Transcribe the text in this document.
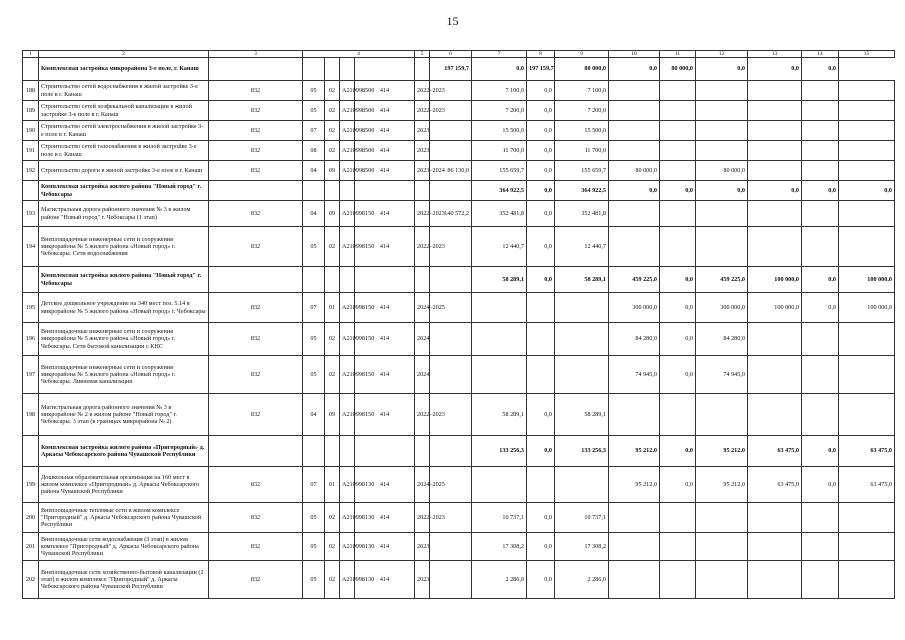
15
1	2	3	4				5	6	7	8	9	10	11	12	13	14	15
	Комплексная застройка микрорайона 3-е поле, г. Канаш							197 159,7	0,0	197 159,7	80 000,0	0,0	80 000,0	0,0	0,0	0,0	
188	Строительство сетей водоснабжения в жилой застройке 3-е поле в г. Канаш	832	05	02	А210998500	414	2022–2023		7 100,0	0,0	7 100,0						
189	Строительство сетей хозфекальной канализации в жилой застройке 3-е поле в г. Канаш	832	05	02	А210998500	414	2022–2023		7 200,0	0,0	7 200,0						
190	Строительство сетей электроснабжения в жилой застройке 3-е поле в г. Канаш	832	07	02	А210998500	414	2023		15 500,0	0,0	15 500,0						
191	Строительство сетей газоснабжения в жилой застройке 3-е поле в г. Канаш	832	08	02	А210998500	414	2023		11 700,0	0,0	11 700,0						
192	Строительство дороги в жилой застройке 3-е поле в г. Канаш	832	04	09	А210998500	414	2023–2024	86 130,0	155 659,7	0,0	155 659,7	80 000,0		80 000,0			
	Комплексная застройка жилого района "Новый город" г. Чебоксары								364 922,5	0,0	364 922,5	0,0	0,0	0,0	0,0	0,0	0,0
193	Магистральная дорога районного значения № 3 в жилом районе "Новый город" г. Чебоксары (1 этап)	832	04	09	А210998150	414	2022–2023	140 572,2	352 481,8	0,0	352 481,8						
194	Внеплощадочные инженерные сети и сооружения микрорайона № 5 жилого района «Новый город» г. Чебоксары. Сети водоснабжения	832	05	02	А210998150	414	2022–2023		12 440,7	0,0	12 440,7						
	Комплексная застройка жилого района "Новый город" г. Чебоксары								58 289,1	0,0	58 289,1	459 225,0	0,0	459 225,0	100 000,0	0,0	100 000,0
195	Детское дошкольное учреждение на 340 мест поз. 5.14 в микрорайоне № 5 жилого района «Новый город» г. Чебоксары	832	07	01	А210998150	414	2024–2025					300 000,0	0,0	300 000,0	100 000,0	0,0	100 000,0
196	Внеплощадочные инженерные сети и сооружения микрорайона № 5 жилого района «Новый город» г. Чебоксары. Сети бытовой канализации с КНС	832	05	02	А210998150	414	2024					84 280,0	0,0	84 280,0			
197	Внеплощадочные инженерные сети и сооружения микрорайона № 5 жилого района «Новый город» г. Чебоксары. Ливневая канализация	832	05	02	А210998150	414	2024					74 945,0	0,0	74 945,0			
198	Магистральная дорога районного значения № 3 в микрорайоне № 2 в жилом районе "Новый город" г. Чебоксары. 3 этап (в границах микрорайона № 2)	832	04	09	А210998150	414	2022–2023		58 289,1	0,0	58 289,1						
	Комплексная застройка жилого района «Пригородный» д. Аркасы Чебоксарского района Чувашской Республики								133 256,3	0,0	133 256,3	95 212,0	0,0	95 212,0	63 475,0	0,0	63 475,0
199	Дошкольная образовательная организация на 160 мест в жилом комплексе «Пригородный» д. Аркасы Чебоксарского района Чувашской Республики	832	07	01	А210998130	414	2024–2025					95 212,0	0,0	95 212,0	63 475,0	0,0	63 475,0
200	Внеплощадочные тепловые сети в жилом комплексе "Пригородный" д. Аркасы Чебоксарского района Чувашской Республики	832	05	02	А210998130	414	2022–2023		10 737,1	0,0	10 737,1						
201	Внеплощадочные сети водоснабжения (3 этап) в жилом комплексе "Пригородный" д. Аркасы Чебоксарского района Чувашской Республики	832	05	02	А210998130	414	2023		17 308,2	0,0	17 308,2						
202	Внеплощадочные сети хозяйственно-бытовой канализации (2 этап) в жилом комплексе "Пригородный" д. Аркасы Чебоксарского района Чувашской Республики	832	05	02	А210998130	414	2023		2 286,0	0,0	2 286,0						
